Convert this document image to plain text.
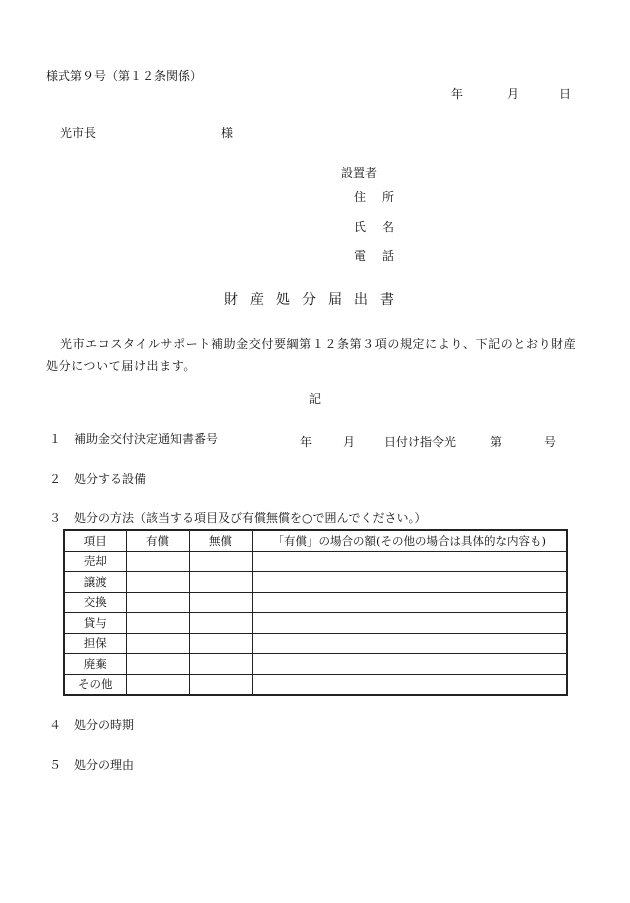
様式第９号（第１２条関係）
年	月	日
光市長	様
設置者
住 所
氏 名
電 話
財産処分届出書
光市エコスタイルサポート補助金交付要綱第１２条第３項の規定により、下記のとおり財産処分について届け出ます。
記
１ 補助金交付決定通知書番号	年	月 日付け指令光	第	号
２ 処分する設備
３ 処分の方法（該当する項目及び有償無償を○で囲んでください。）
項目	有償	無償	「有償」の場合の額(その他の場合は具体的な内容も)
売却			
譲渡			
交換			
貸与			
担保			
廃棄			
その他			
４ 処分の時期
５ 処分の理由
